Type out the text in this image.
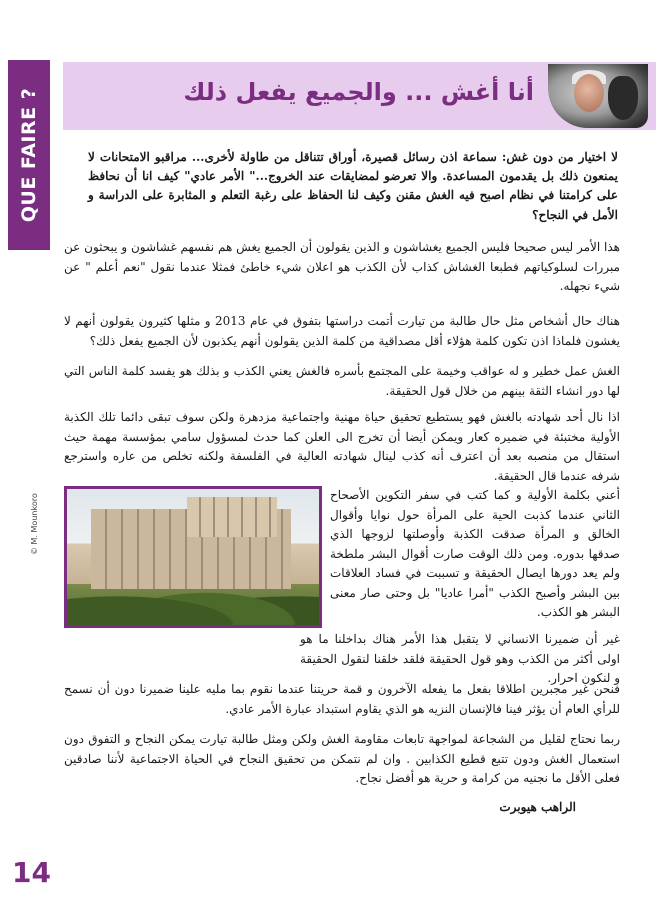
QUE FAIRE ?
© M. Mounkoro
أنا أغش ... والجميع يفعل ذلك
لا اختيار من دون غش: سماعة اذن رسائل قصيرة، أوراق تتناقل من طاولة لأخرى... مراقبو الامتحانات لا يمنعون ذلك بل يقدمون المساعدة. والا تعرضو لمضايقات عند الخروج..." الأمر عادي" كيف انا أن نحافظ على كرامتنا في نظام اصبح فيه الغش مقنن وكيف لنا الحفاظ على رغبة التعلم و المثابرة على الدراسة و الأمل في النجاح؟
هذا الأمر ليس صحيحا فليس الجميع يغشاشون و الذين يقولون أن الجميع يغش هم نفسهم غشاشون و يبحثون عن مبررات لسلوكياتهم فطبعا الغشاش كذاب لأن الكذب هو اعلان شيء خاطئ فمثلا عندما نقول "نعم أعلم " عن شيء نجهله.
هناك حال أشخاص مثل حال طالبة من تيارت أتمت دراستها بتفوق في عام 2013 و مثلها كثيرون يقولون أنهم لا يغشون فلماذا اذن تكون كلمة هؤلاء أقل مصداقية من كلمة الذين يقولون أنهم يكذبون لأن الجميع يفعل ذلك؟
الغش عمل خطير و له عواقب وخيمة على المجتمع بأسره فالغش يعني الكذب و بذلك هو يفسد كلمة الناس التي لها دور انشاء الثقة بينهم من خلال قول الحقيقة.
اذا نال أحد شهادته بالغش فهو يستطيع تحقيق حياة مهنية واجتماعية مزدهرة ولكن سوف تبقى دائما تلك الكذبة الأولية مختبئة في ضميره كعار ويمكن أيضا أن تخرج الى العلن كما حدث لمسؤول سامي بمؤسسة مهمة حيث استقال من منصبه بعد أن اعترف أنه كذب لينال شهادته العالية في الفلسفة ولكنه تخلص من عاره واسترجع شرفه عندما قال الحقيقة.
أعني بكلمة الأولية و كما كتب في سفر التكوين الأصحاح الثاني عندما كذبت الحية على المرأة حول نوايا وأقوال الخالق و المرأة صدقت الكذبة وأوصلتها لزوجها الذي صدقها بدوره. ومن ذلك الوقت صارت أقوال البشر ملطخة ولم يعد دورها ايصال الحقيقة و تسببت في فساد العلاقات بين البشر وأصبح الكذب "أمرا عاديا" بل وحتى صار معنى البشر هو الكذب.
غير أن ضميرنا الانساني لا يتقبل هذا الأمر هناك بداخلنا ما هو اولى أكثر من الكذب وهو قول الحقيقة فلقد خلقنا لنقول الحقيقة و لنكون احرار.
فنحن غير مجبرين اطلاقا بفعل ما يفعله الآخرون و قمة حريتنا عندما نقوم بما مليه علينا ضميرنا دون أن نسمح للرأي العام أن يؤثر فينا فالإنسان النزيه هو الذي يقاوم استبداد عبارة الأمر عادي.
ربما نحتاج لقليل من الشجاعة لمواجهة تابعات مقاومة الغش ولكن ومثل طالبة تيارت يمكن النجاح و التفوق دون استعمال الغش ودون تتبع قطيع الكذابين . وان لم نتمكن من تحقيق النجاح في الحياة الاجتماعية لأننا صادقين فعلى الأقل ما نجنيه من كرامة و حرية هو أفضل نجاح.
الراهب هيوبرت
14
